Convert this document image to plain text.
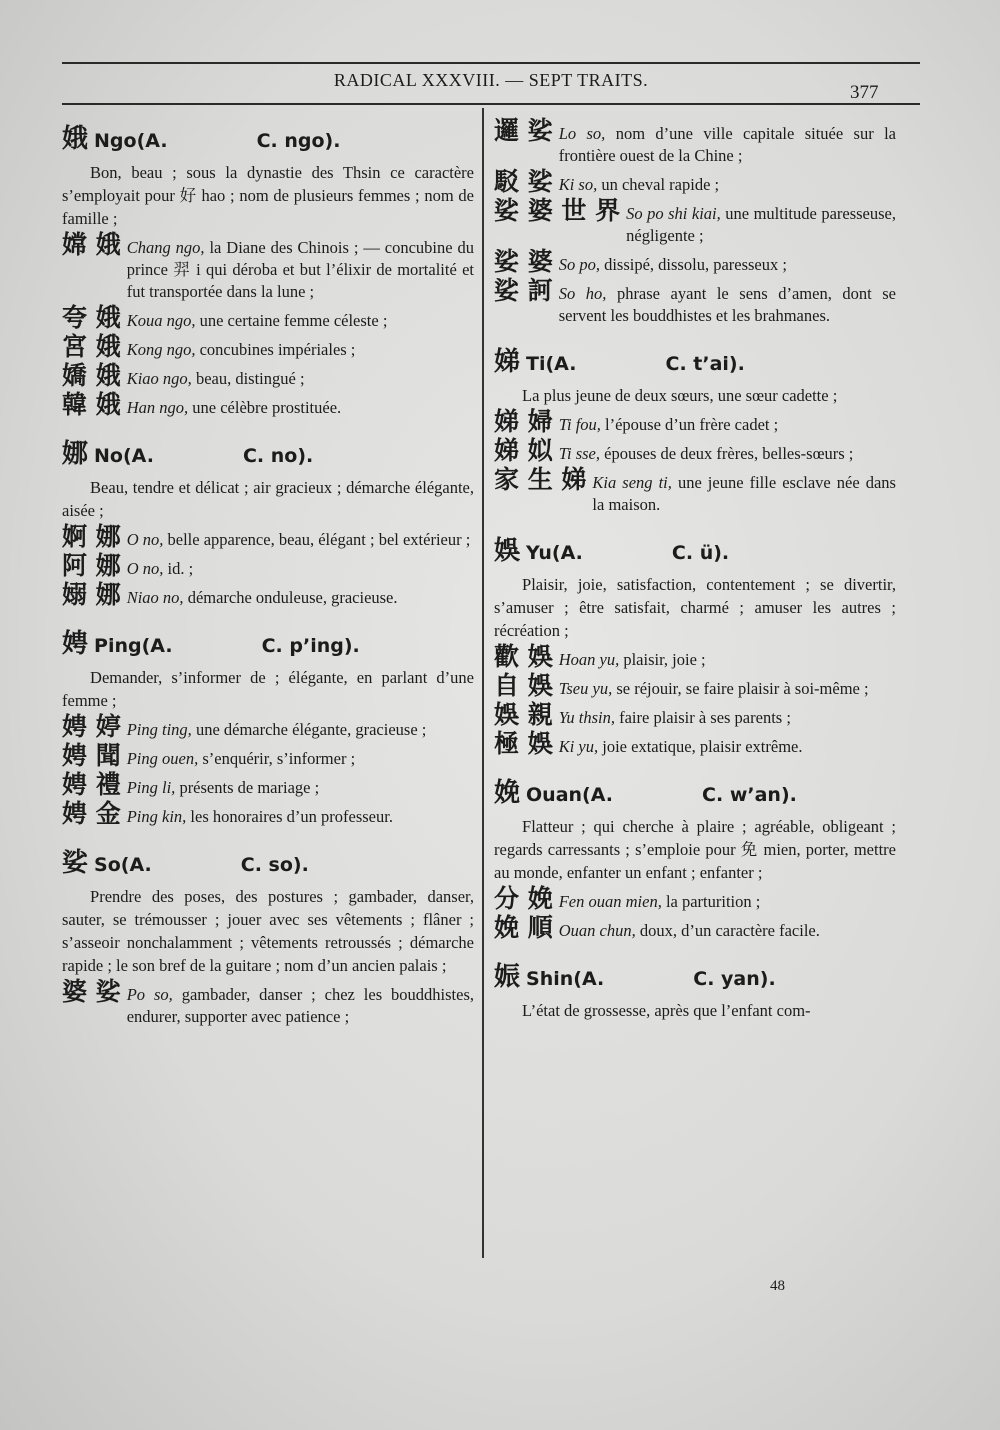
RADICAL XXXVIII. — SEPT TRAITS.
377
娥 Ngo (A.	C. ngo).

Bon, beau ; sous la dynastie des Thsin ce caractère s’employait pour 好 hao ; nom de plusieurs femmes ; nom de famille ;

嫦 娥 Chang ngo, la Diane des Chinois ; — concubine du prince 羿 i qui déroba et but l’élixir de mortalité et fut transportée dans la lune ;
夸 娥 Koua ngo, une certaine femme céleste ;
宮 娥 Kong ngo, concubines impériales ;
嬌 娥 Kiao ngo, beau, distingué ;
韓 娥 Han ngo, une célèbre prostituée.
娜 No (A.	C. no).

Beau, tendre et délicat ; air gracieux ; démarche élégante, aisée ;

婀 娜 O no, belle apparence, beau, élégant ; bel extérieur ;
阿 娜 O no, id. ;
嫋 娜 Niao no, démarche onduleuse, gracieuse.
娉 Ping (A.	C. p’ing).

Demander, s’informer de ; élégante, en parlant d’une femme ;

娉 婷 Ping ting, une démarche élégante, gracieuse ;
娉 聞 Ping ouen, s’enquérir, s’informer ;
娉 禮 Ping li, présents de mariage ;
娉 金 Ping kin, les honoraires d’un professeur.
娑 So (A.	C. so).

Prendre des poses, des postures ; gambader, danser, sauter, se trémousser ; jouer avec ses vêtements ; flâner ; s’asseoir nonchalamment ; vêtements retroussés ; démarche rapide ; le son bref de la guitare ; nom d’un ancien palais ;

婆 娑 Po so, gambader, danser ; chez les bouddhistes, endurer, supporter avec patience ;
邏 娑 Lo so, nom d’une ville capitale située sur la frontière ouest de la Chine ;
駁 娑 Ki so, un cheval rapide ;
娑 婆 世 界 So po shi kiai, une multitude paresseuse, négligente ;
娑 婆 So po, dissipé, dissolu, paresseux ;
娑 訶 So ho, phrase ayant le sens d’amen, dont se servent les bouddhistes et les brahmanes.
娣 Ti (A.	C. t’ai).

La plus jeune de deux sœurs, une sœur cadette ;

娣 婦 Ti fou, l’épouse d’un frère cadet ;
娣 姒 Ti sse, épouses de deux frères, belles-sœurs ;
家 生 娣 Kia seng ti, une jeune fille esclave née dans la maison.
娛 Yu (A.	C. ü).

Plaisir, joie, satisfaction, contentement ; se divertir, s’amuser ; être satisfait, charmé ; amuser les autres ; récréation ;

歡 娛 Hoan yu, plaisir, joie ;
自 娛 Tseu yu, se réjouir, se faire plaisir à soi-même ;
娛 親 Yu thsin, faire plaisir à ses parents ;
極 娛 Ki yu, joie extatique, plaisir extrême.
娩 Ouan (A.	C. w’an).

Flatteur ; qui cherche à plaire ; agréable, obligeant ; regards carressants ; s’emploie pour 免 mien, porter, mettre au monde, enfanter un enfant ; enfanter ;

分 娩 Fen ouan mien, la parturition ;
娩 順 Ouan chun, doux, d’un caractère facile.
娠 Shin (A.	C. yan).

L’état de grossesse, après que l’enfant com-

48
